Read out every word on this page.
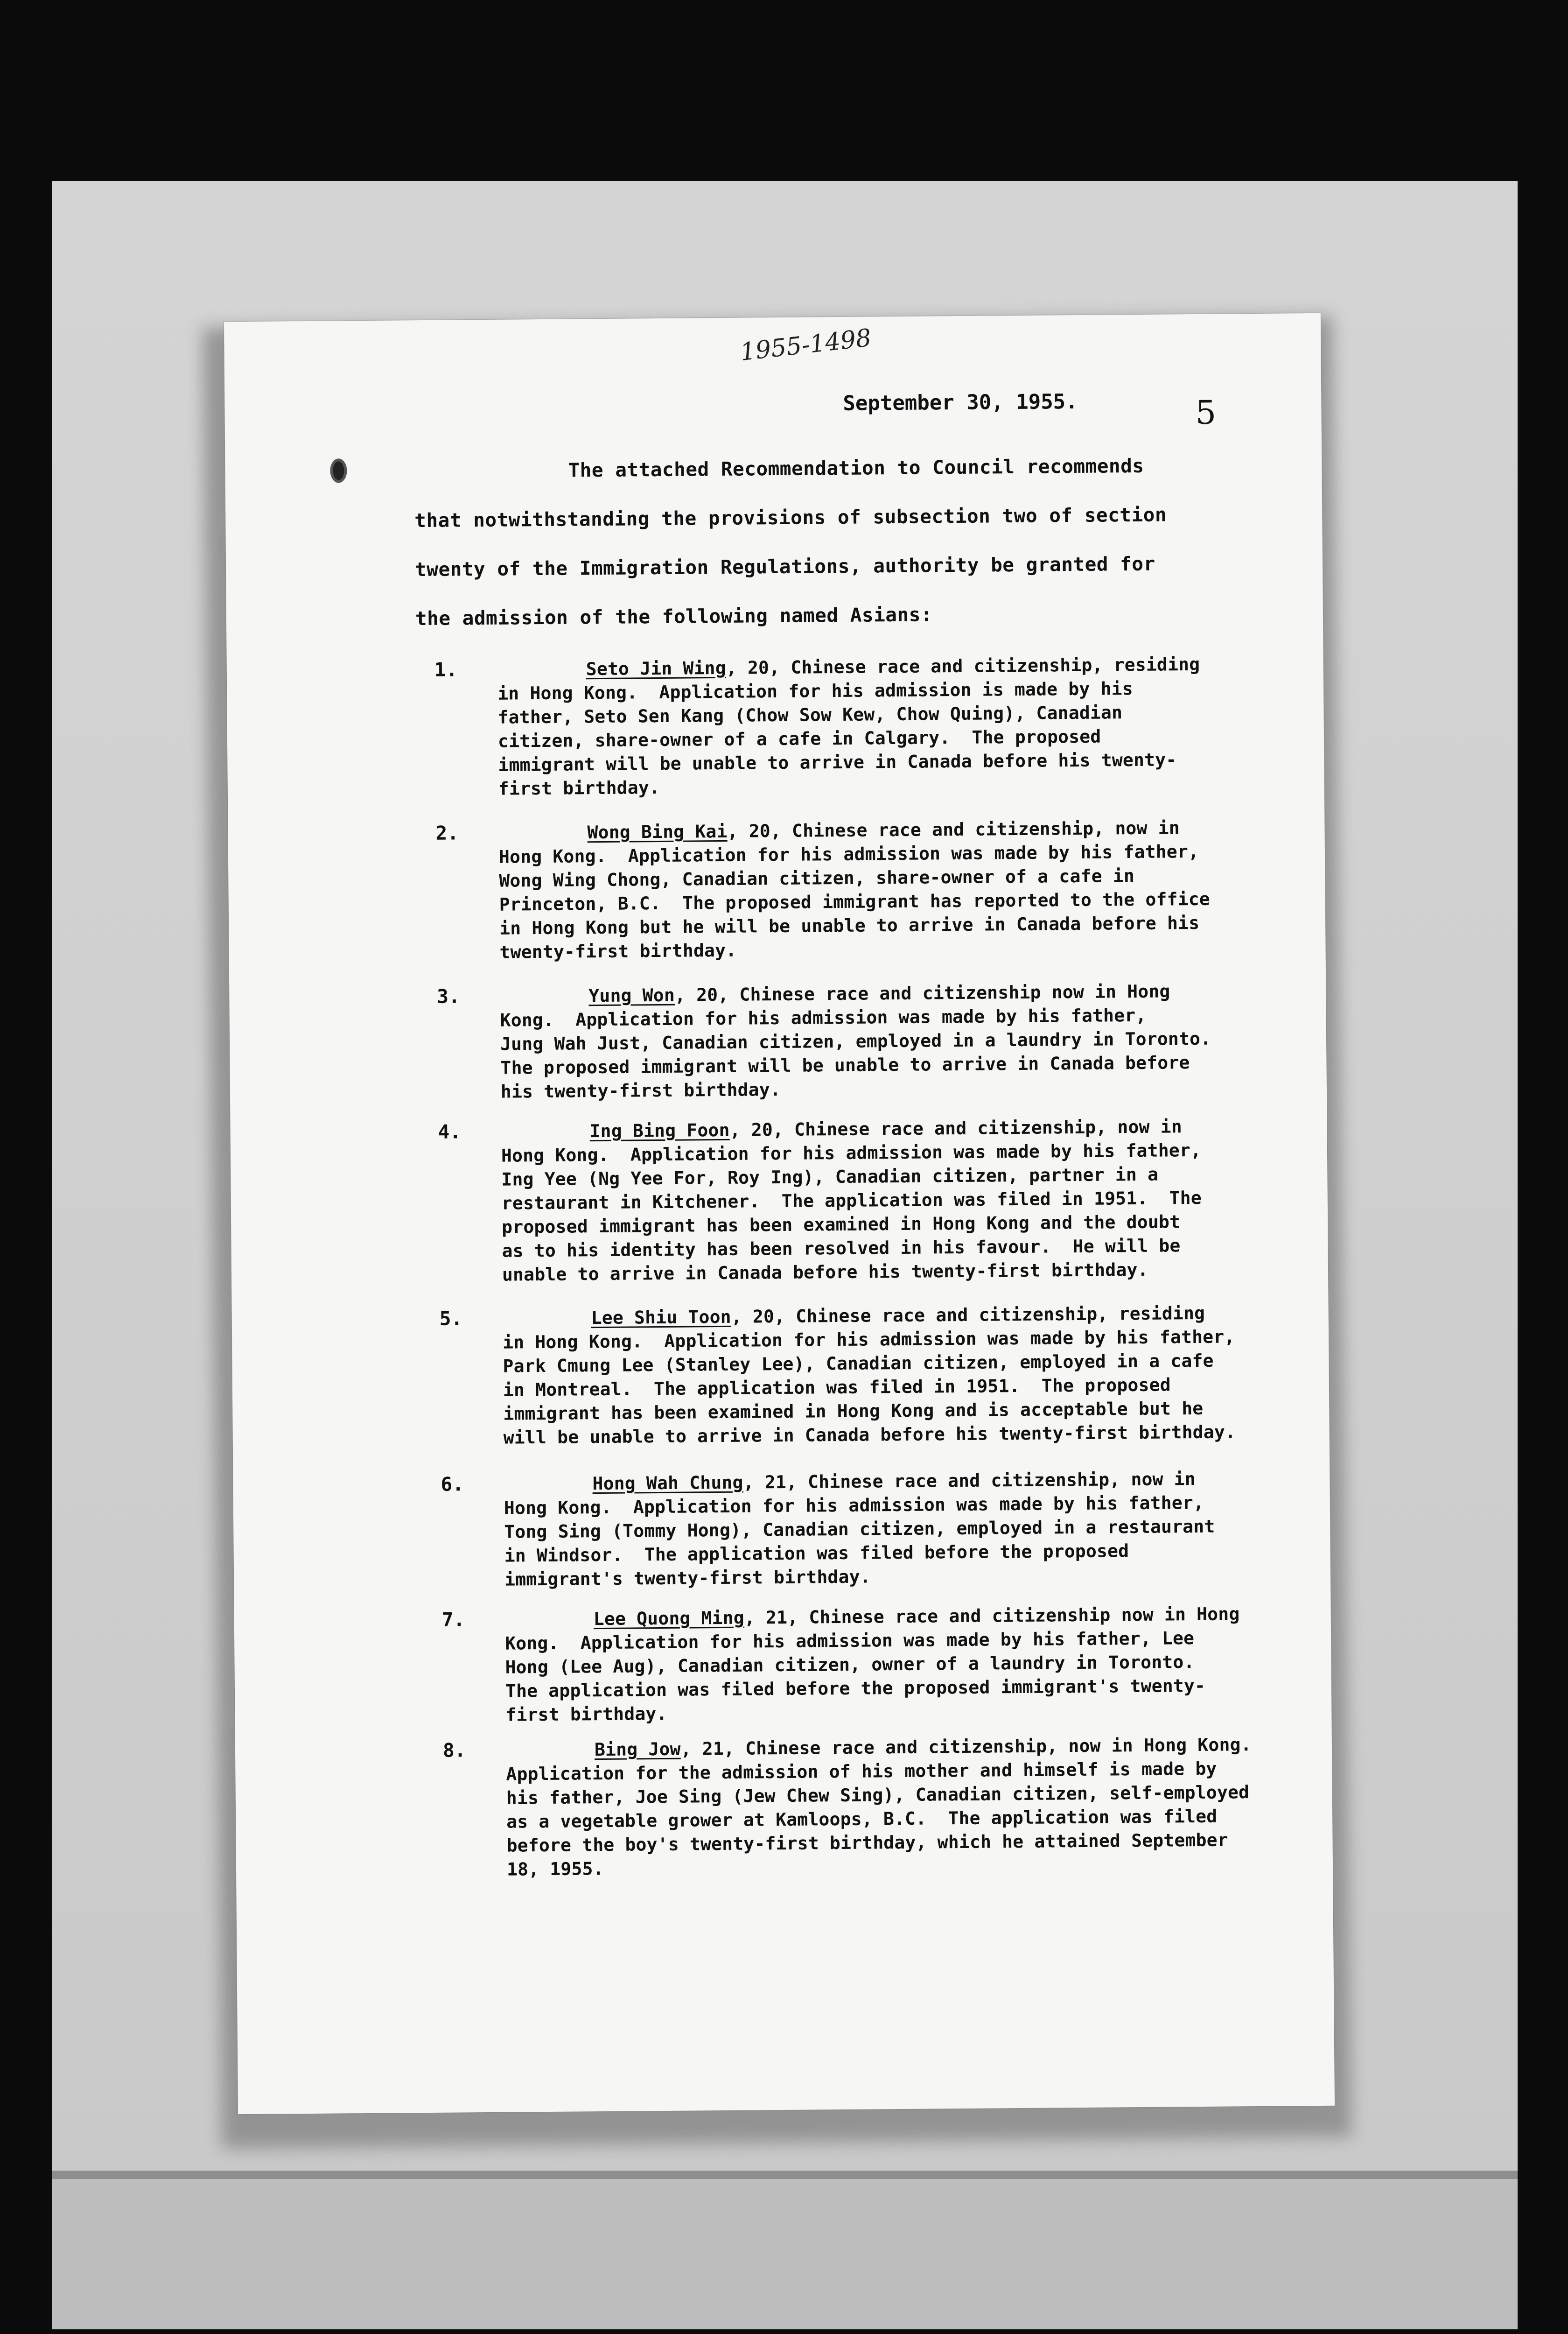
1955-1498
September 30, 1955.	5
The attached Recommendation to Council recommends
that notwithstanding the provisions of subsection two of section
twenty of the Immigration Regulations, authority be granted for
the admission of the following named Asians:
1.	Seto Jin Wing, 20, Chinese race and citizenship, residing
in Hong Kong.  Application for his admission is made by his
father, Seto Sen Kang (Chow Sow Kew, Chow Quing), Canadian
citizen, share-owner of a cafe in Calgary.  The proposed
immigrant will be unable to arrive in Canada before his twenty-
first birthday.
2.	Wong Bing Kai, 20, Chinese race and citizenship, now in
Hong Kong.  Application for his admission was made by his father,
Wong Wing Chong, Canadian citizen, share-owner of a cafe in
Princeton, B.C.  The proposed immigrant has reported to the office
in Hong Kong but he will be unable to arrive in Canada before his
twenty-first birthday.
3.	Yung Won, 20, Chinese race and citizenship now in Hong
Kong.  Application for his admission was made by his father,
Jung Wah Just, Canadian citizen, employed in a laundry in Toronto.
The proposed immigrant will be unable to arrive in Canada before
his twenty-first birthday.
4.	Ing Bing Foon, 20, Chinese race and citizenship, now in
Hong Kong.  Application for his admission was made by his father,
Ing Yee (Ng Yee For, Roy Ing), Canadian citizen, partner in a
restaurant in Kitchener.  The application was filed in 1951.  The
proposed immigrant has been examined in Hong Kong and the doubt
as to his identity has been resolved in his favour.  He will be
unable to arrive in Canada before his twenty-first birthday.
5.	Lee Shiu Toon, 20, Chinese race and citizenship, residing
in Hong Kong.  Application for his admission was made by his father,
Park Cmung Lee (Stanley Lee), Canadian citizen, employed in a cafe
in Montreal.  The application was filed in 1951.  The proposed
immigrant has been examined in Hong Kong and is acceptable but he
will be unable to arrive in Canada before his twenty-first birthday.
6.	Hong Wah Chung, 21, Chinese race and citizenship, now in
Hong Kong.  Application for his admission was made by his father,
Tong Sing (Tommy Hong), Canadian citizen, employed in a restaurant
in Windsor.  The application was filed before the proposed
immigrant's twenty-first birthday.
7.	Lee Quong Ming, 21, Chinese race and citizenship now in Hong
Kong.  Application for his admission was made by his father, Lee
Hong (Lee Aug), Canadian citizen, owner of a laundry in Toronto.
The application was filed before the proposed immigrant's twenty-
first birthday.
8.	Bing Jow, 21, Chinese race and citizenship, now in Hong Kong.
Application for the admission of his mother and himself is made by
his father, Joe Sing (Jew Chew Sing), Canadian citizen, self-employed
as a vegetable grower at Kamloops, B.C.  The application was filed
before the boy's twenty-first birthday, which he attained September
18, 1955.
